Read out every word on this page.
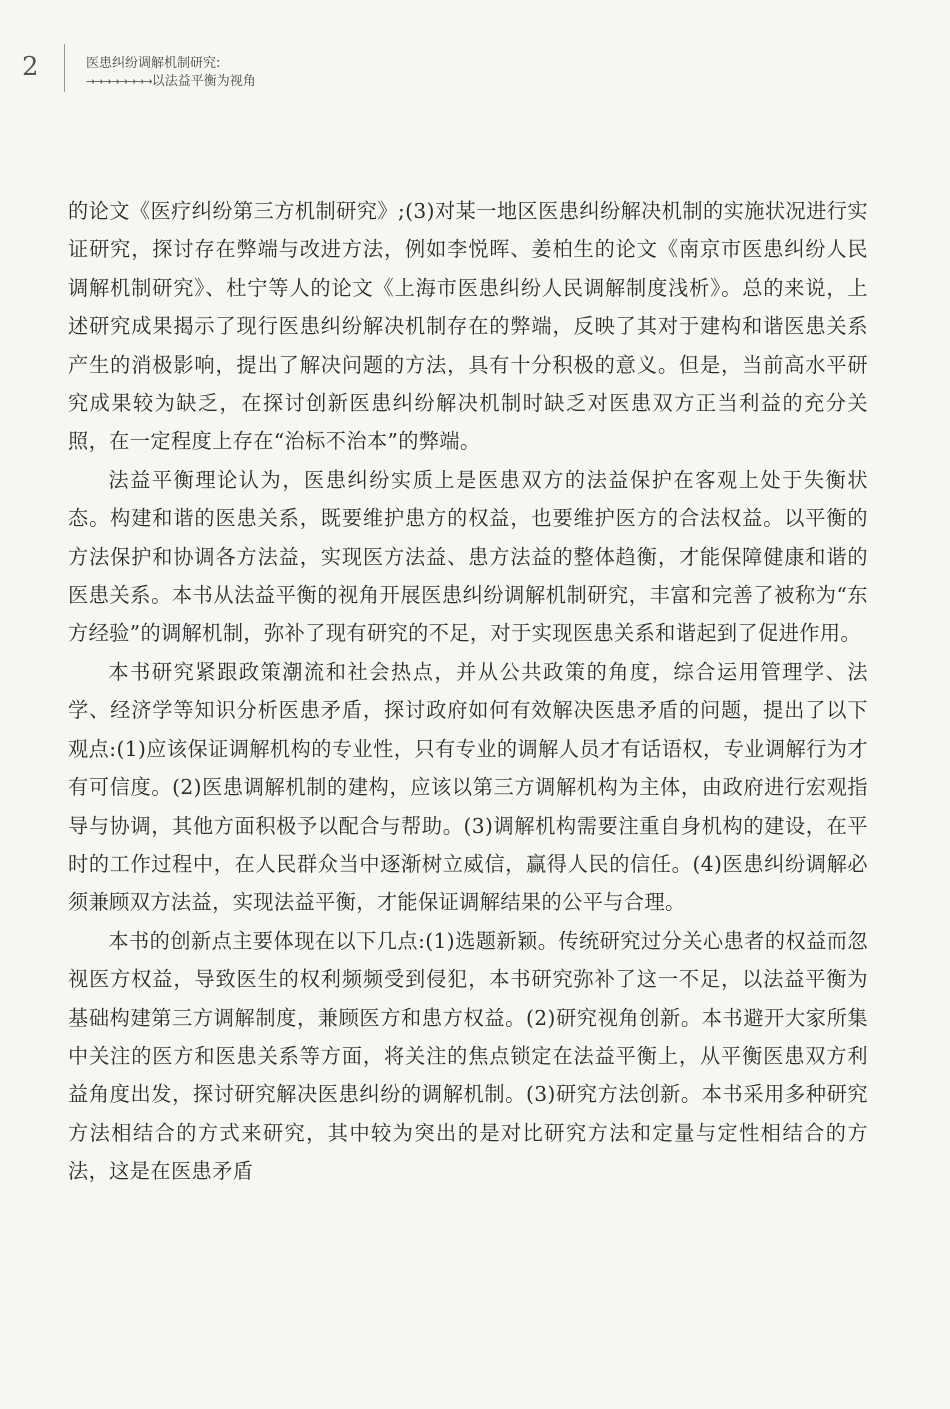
2	医患纠纷调解机制研究:
→→→→→→→→以法益平衡为视角

的论文《医疗纠纷第三方机制研究》;(3)对某一地区医患纠纷解决机制的实施状况进行实证研究，探讨存在弊端与改进方法，例如李悦晖、姜柏生的论文《南京市医患纠纷人民调解机制研究》、杜宁等人的论文《上海市医患纠纷人民调解制度浅析》。总的来说，上述研究成果揭示了现行医患纠纷解决机制存在的弊端，反映了其对于建构和谐医患关系产生的消极影响，提出了解决问题的方法，具有十分积极的意义。但是，当前高水平研究成果较为缺乏，在探讨创新医患纠纷解决机制时缺乏对医患双方正当利益的充分关照，在一定程度上存在“治标不治本”的弊端。

法益平衡理论认为，医患纠纷实质上是医患双方的法益保护在客观上处于失衡状态。构建和谐的医患关系，既要维护患方的权益，也要维护医方的合法权益。以平衡的方法保护和协调各方法益，实现医方法益、患方法益的整体趋衡，才能保障健康和谐的医患关系。本书从法益平衡的视角开展医患纠纷调解机制研究，丰富和完善了被称为“东方经验”的调解机制，弥补了现有研究的不足，对于实现医患关系和谐起到了促进作用。

本书研究紧跟政策潮流和社会热点，并从公共政策的角度，综合运用管理学、法学、经济学等知识分析医患矛盾，探讨政府如何有效解决医患矛盾的问题，提出了以下观点:(1)应该保证调解机构的专业性，只有专业的调解人员才有话语权，专业调解行为才有可信度。(2)医患调解机制的建构，应该以第三方调解机构为主体，由政府进行宏观指导与协调，其他方面积极予以配合与帮助。(3)调解机构需要注重自身机构的建设，在平时的工作过程中，在人民群众当中逐渐树立威信，赢得人民的信任。(4)医患纠纷调解必须兼顾双方法益，实现法益平衡，才能保证调解结果的公平与合理。

本书的创新点主要体现在以下几点:(1)选题新颖。传统研究过分关心患者的权益而忽视医方权益，导致医生的权利频频受到侵犯，本书研究弥补了这一不足，以法益平衡为基础构建第三方调解制度，兼顾医方和患方权益。(2)研究视角创新。本书避开大家所集中关注的医方和医患关系等方面，将关注的焦点锁定在法益平衡上，从平衡医患双方利益角度出发，探讨研究解决医患纠纷的调解机制。(3)研究方法创新。本书采用多种研究方法相结合的方式来研究，其中较为突出的是对比研究方法和定量与定性相结合的方法，这是在医患矛盾
